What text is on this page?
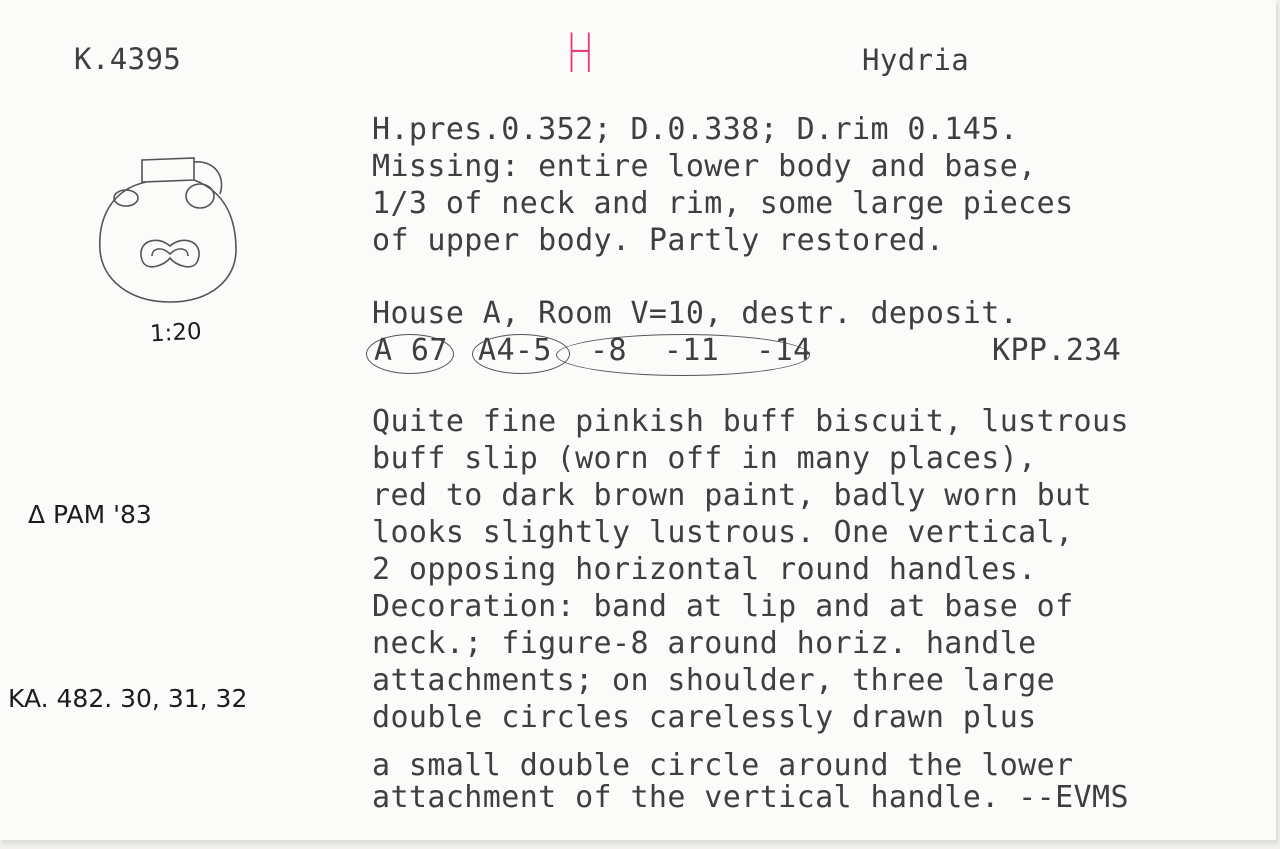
K.4395	H	Hydria
1:20
H.pres.0.352; D.0.338; D.rim 0.145.
Missing: entire lower body and base,
1/3 of neck and rim, some large pieces
of upper body. Partly restored.
House A, Room V=10, destr. deposit.
A 67 A4-5 -8  -11  -14	KPP.234
Quite fine pinkish buff biscuit, lustrous
buff slip (worn off in many places),
red to dark brown paint, badly worn but
looks slightly lustrous. One vertical,
2 opposing horizontal round handles.
Decoration: band at lip and at base of
neck.; figure-8 around horiz. handle
attachments; on shoulder, three large
double circles carelessly drawn plus
a small double circle around the lower
attachment of the vertical handle. --EVMS
Δ PAM '83
KA. 482. 30, 31, 32
